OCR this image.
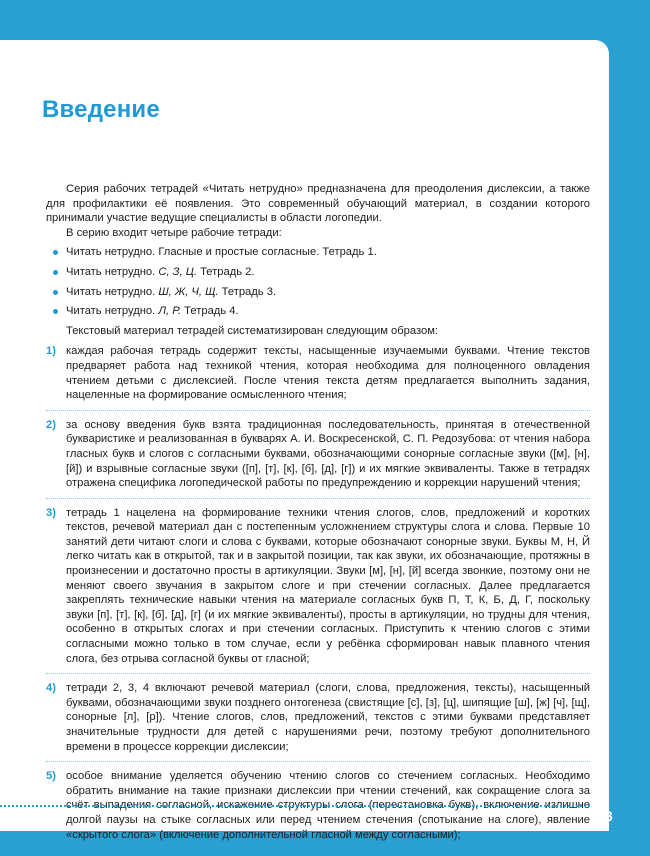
Введение

Серия рабочих тетрадей «Читать нетрудно» предназначена для преодоления дислексии, а также для профилактики её появления. Это современный обучающий материал, в создании которого принимали участие ведущие специалисты в области логопедии.

В серию входит четыре рабочие тетради:

Читать нетрудно. Гласные и простые согласные. Тетрадь 1.
Читать нетрудно. С, З, Ц. Тетрадь 2.
Читать нетрудно. Ш, Ж, Ч, Щ. Тетрадь 3.
Читать нетрудно. Л, Р. Тетрадь 4.

Текстовый материал тетрадей систематизирован следующим образом:

1) каждая рабочая тетрадь содержит тексты, насыщенные изучаемыми буквами. Чтение текстов предваряет работа над техникой чтения, которая необходима для полноценного овладения чтением детьми с дислексией. После чтения текста детям предлагается выполнить задания, нацеленные на формирование осмысленного чтения;
2) за основу введения букв взята традиционная последовательность, принятая в отечественной букваристике и реализованная в букварях А. И. Воскресенской, С. П. Редозубова: от чтения набора гласных букв и слогов с согласными буквами, обозначающими сонорные согласные звуки ([м], [н], [й]) и взрывные согласные звуки ([п], [т], [к], [б], [д], [г]) и их мягкие эквиваленты. Также в тетрадях отражена специфика логопедической работы по предупреждению и коррекции нарушений чтения;
3) тетрадь 1 нацелена на формирование техники чтения слогов, слов, предложений и коротких текстов, речевой материал дан с постепенным усложнением структуры слога и слова. Первые 10 занятий дети читают слоги и слова с буквами, которые обозначают сонорные звуки. Буквы М, Н, Й легко читать как в открытой, так и в закрытой позиции, так как звуки, их обозначающие, протяжны в произнесении и достаточно просты в артикуляции. Звуки [м], [н], [й] всегда звонкие, поэтому они не меняют своего звучания в закрытом слоге и при стечении согласных. Далее предлагается закреплять технические навыки чтения на материале согласных букв П, Т, К, Б, Д, Г, поскольку звуки [п], [т], [к], [б], [д], [г] (и их мягкие эквиваленты), просты в артикуляции, но трудны для чтения, особенно в открытых слогах и при стечении согласных. Приступить к чтению слогов с этими согласными можно только в том случае, если у ребёнка сформирован навык плавного чтения слога, без отрыва согласной буквы от гласной;
4) тетради 2, 3, 4 включают речевой материал (слоги, слова, предложения, тексты), насыщенный буквами, обозначающими звуки позднего онтогенеза (свистящие [с], [з], [ц], шипящие [ш], [ж] [ч], [щ], сонорные [л], [р]). Чтение слогов, слов, предложений, текстов с этими буквами представляет значительные трудности для детей с нарушениями речи, поэтому требуют дополнительного времени в процессе коррекции дислексии;
5) особое внимание уделяется обучению чтению слогов со стечением согласных. Необходимо обратить внимание на такие признаки дислексии при чтении стечений, как сокращение слога за счёт выпадения согласной, искажение структуры слога (перестановка букв), включение излишне долгой паузы на стыке согласных или перед чтением стечения (спотыкание на слоге), явление «скрытого слога» (включение дополнительной гласной между согласными);
3
